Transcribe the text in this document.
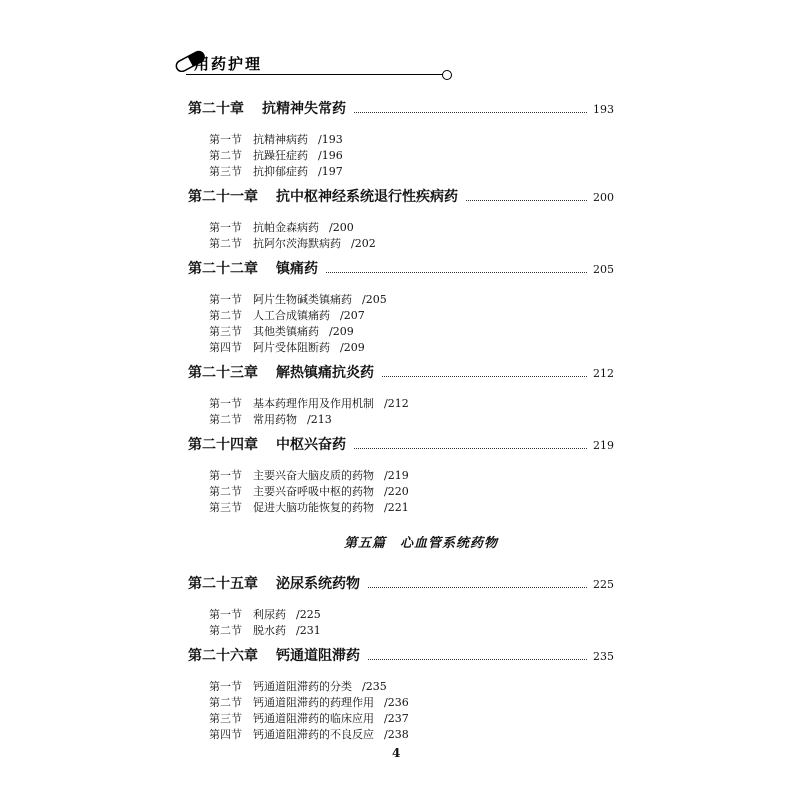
用药护理
第二十章 抗精神失常药	193
第一节 抗精神病药 /193
第二节 抗躁狂症药 /196
第三节 抗抑郁症药 /197
第二十一章 抗中枢神经系统退行性疾病药	200
第一节 抗帕金森病药 /200
第二节 抗阿尔茨海默病药 /202
第二十二章 镇痛药	205
第一节 阿片生物碱类镇痛药 /205
第二节 人工合成镇痛药 /207
第三节 其他类镇痛药 /209
第四节 阿片受体阻断药 /209
第二十三章 解热镇痛抗炎药	212
第一节 基本药理作用及作用机制 /212
第二节 常用药物 /213
第二十四章 中枢兴奋药	219
第一节 主要兴奋大脑皮质的药物 /219
第二节 主要兴奋呼吸中枢的药物 /220
第三节 促进大脑功能恢复的药物 /221
第五篇　心血管系统药物
第二十五章 泌尿系统药物	225
第一节 利尿药 /225
第二节 脱水药 /231
第二十六章 钙通道阻滞药	235
第一节 钙通道阻滞药的分类 /235
第二节 钙通道阻滞药的药理作用 /236
第三节 钙通道阻滞药的临床应用 /237
第四节 钙通道阻滞药的不良反应 /238
4
